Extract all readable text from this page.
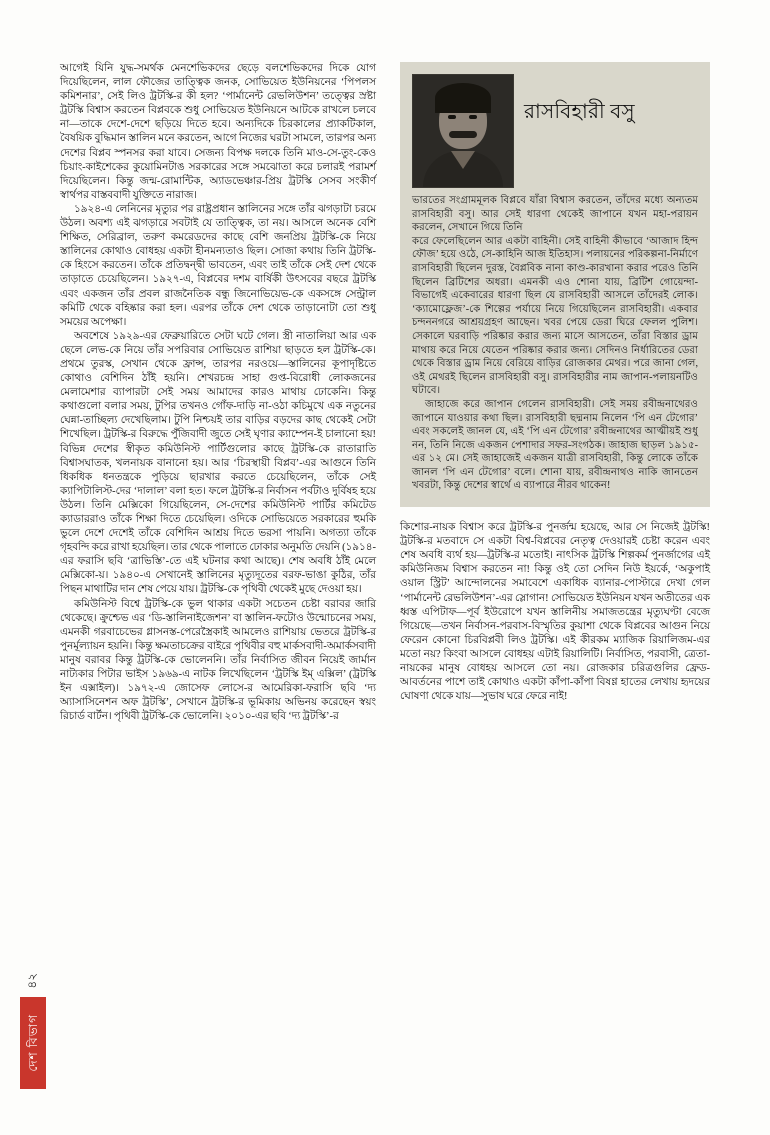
আগেই যিনি যুদ্ধ-সমর্থক মেনশেভিকদের ছেড়ে বলশেভিকদের দিকে যোগ দিয়েছিলেন, লাল ফৌজের তাত্ত্বিক জনক, সোভিয়েত ইউনিয়নের ‘পিপলস কমিশনার’, সেই লিও ট্রটস্কি-র কী হল? ‘পার্মানেন্ট রেভলিউশন’ তত্ত্বের স্রষ্টা ট্রটস্কি বিশ্বাস করতেন বিপ্লবকে শুধু সোভিয়েত ইউনিয়নে আটকে রাখলে চলবে না—তাকে দেশে-দেশে ছড়িয়ে দিতে হবে। অন্যদিকে চিরকালের প্র্যাকটিকাল, বৈষয়িক বুদ্ধিমান স্তালিন মনে করতেন, আগে নিজের ঘরটা সামলে, তারপর অন্য দেশের বিপ্লব স্পনসর করা যাবে। সেজন্য বিপক্ষ দলকে তিনি মাও-সে-তুং-কেও চিয়াং-কাইশেকের কুয়োমিনটাঙ সরকারের সঙ্গে সমঝোতা করে চলারই পরামর্শ দিয়েছিলেন। কিন্তু জন্ম-রোমান্টিক, অ্যাডভেঞ্চার-প্রিয় ট্রটস্কি সেসব সংকীর্ণ স্বার্থপর বাস্তববাদী যুক্তিতে নারাজ।

১৯২৪-এ লেনিনের মৃত্যুর পর রাষ্ট্রপ্রধান স্তালিনের সঙ্গে তাঁর ঝগড়াটা চরমে উঠল। অবশ্য এই ঝগড়ারে সবটাই যে তাত্ত্বিক, তা নয়। আসলে অনেক বেশি শিক্ষিত, সেরিব্রাল, তরুণ কমরেডদের কাছে বেশি জনপ্রিয় ট্রটস্কি-কে নিয়ে স্তালিনের কোথাও বোধহয় একটা হীনমন্যতাও ছিল। সোজা কথায় তিনি ট্রটস্কি-কে হিংসে করতেন। তাঁকে প্রতিদ্বন্দ্বী ভাবতেন, এবং তাই তাঁকে সেই দেশ থেকে তাড়াতে চেয়েছিলেন। ১৯২৭-এ, বিপ্লবের দশম বার্ষিকী উৎসবের বছরে ট্রটস্কি এবং একজন তাঁর প্রবল রাজনৈতিক বন্ধু জিনোভিয়েভ-কে একসঙ্গে সেন্ট্রাল কমিটি থেকে বহিষ্কার করা হল। এরপর তাঁকে দেশ থেকে তাড়ানোটা তো শুধু সময়ের অপেক্ষা।

অবশেষে ১৯২৯-এর ফেব্রুয়ারিতে সেটা ঘটে গেল। স্ত্রী নাতালিয়া আর এক ছেলে লেভ-কে নিয়ে তাঁর সপরিবার সোভিয়েত রাশিয়া ছাড়তে হল ট্রটস্কি-কে। প্রথমে তুরস্ক, সেখান থেকে ফ্রান্স, তারপর নরওয়ে—স্তালিনের কূপাদৃষ্টিতে কোথাও বেশিদিন ঠাঁই হয়নি। শেখরচন্দ্র সাহা গুপ্ত-বিরোধী লোকজনের মেলামেশার ব্যাপারটা সেই সময় আমাদের কারও মাথায় ঢোকেনি। কিন্তু কথাগুলো বলার সময়, টুপির তখনও গোঁফ-দাড়ি না-ওঠা কচিমুখে এক নতুনের ঘেন্না-তাচ্ছিল্য দেখেছিলাম। টুপি নিশ্চয়ই তার বাড়ির বড়দের কাছ থেকেই সেটা শিখেছিল। ট্রটস্কি-র বিরুদ্ধে পুঁজিবাদী জুতে সেই ঘৃণার ক্যাম্পেন-ই চালানো হয়! বিভিন্ন দেশের স্বীকৃত কমিউনিস্ট পার্টিগুলোর কাছে ট্রটস্কি-কে রাতারাতি বিশ্বাসঘাতক, খলনায়ক বানানো হয়। আর ‘চিরস্থায়ী বিপ্লব’-এর আগুনে তিনি ধিকধিক ধনতন্ত্রকে পুড়িয়ে ছারখার করতে চেয়েছিলেন, তাঁকে সেই ক্যাপিটালিস্ট-দের ‘দালাল’ বলা হত। ফলে ট্রটস্কি-র নির্বাসন পর্বটাও দুর্বিষহ হয়ে উঠল। তিনি মেক্সিকো গিয়েছিলেন, সে-দেশের কমিউনিস্ট পার্টির কমিটেড ক্যাডাররাও তাঁকে শিক্ষা দিতে চেয়েছিল। ওদিকে সোভিয়েতে সরকারের হুমকি ভুলে দেশে দেশেই তাঁকে বেশিদিন আশ্রয় দিতে ভরসা পায়নি। অগত্যা তাঁকে গৃহবন্দি করে রাখা হয়েছিল। তার থেকে পালাতে ঢোকার অনুমতি দেয়নি (১৯১৪-এর ফরাসি ছবি ‘ত্রাভিস্তি’-তে এই ঘটনার কথা আছে)। শেষ অবধি ঠাঁই মেলে মেক্সিকো-য়। ১৯৪০-এ সেখানেই স্তালিনের মৃত্যুদূতের বরফ-ভাঙা কুঠির, তাঁর পিছন মাথাটির দান শেষ পেয়ে যায়। ট্রটস্কি-কে পৃথিবী থেকেই মুছে দেওয়া হয়।

কমিউনিস্ট বিশ্বে ট্রটস্কি-কে ভুল থাকার একটা সচেতন চেষ্টা বরাবর জারি থেকেছে। ক্রুশ্চেভ এর ‘ডি-স্তালিনাইজেশন’ বা স্তালিন-ফটোও উন্মোচনের সময়, এমনকী গরবাচেভের গ্লাসনস্ত-পেরেস্ত্রৈকাই আমলেও রাশিয়ায় ভেতরে ট্রটস্কি-র পুনর্মূল্যায়ন হয়নি। কিন্তু ক্ষমতাচক্রের বাইরে পৃথিবীর বহু মার্কসবাদী-অমার্কসবাদী মানুষ বরাবর কিন্তু ট্রটস্কি-কে ভোলেননি। তাঁর নির্বাসিত জীবন নিয়েই জার্মান নাট্যকার পিটার ভাইস ১৯৬৯-এ নাটক লিখেছিলেন ‘ট্রটস্কি ইম্‌ এক্সিল’ (ট্রটস্কি ইন এক্সাইল)। ১৯৭২-এ জোসেফ লোসে-র আমেরিকা-ফরাসি ছবি ‘দ্য অ্যাসাসিনেশন অফ ট্রটস্কি’, সেখানে ট্রটস্কি-র ভূমিকায় অভিনয় করেছেন স্বয়ং রিচার্ড বার্টন। পৃথিবী ট্রটস্কি-কে ভোলেনি। ২০১০-এর ছবি ‘দ্য ট্রটস্কি’-র

রাসবিহারী বসু

ভারতের সংগ্রামমূলক বিপ্লবে যাঁরা বিশ্বাস করতেন, তাঁদের মধ্যে অন্যতম রাসবিহারী বসু। আর সেই ধারণা থেকেই জাপানে যখন মহা-পরায়ন করলেন, সেখানে গিয়ে তিনি

করে ফেলেছিলেন আর একটা বাহিনী। সেই বাহিনী কীভাবে ‘আজাদ হিন্দ ফৌজ’ হয়ে ওঠে, সে-কাহিনি আজ ইতিহাস। পলায়নের পরিকল্পনা-নির্মাণে রাসবিহারী ছিলেন দুরস্ত, বৈপ্লবিক নানা কাণ্ড-কারখানা করার পরেও তিনি ছিলেন ব্রিটিশের অধরা। এমনকী এও শোনা যায়, ব্রিটিশ গোয়েন্দা-বিভাগেই একেবারের ধারণা ছিল যে রাসবিহারী আসলে তাঁদেরই লোক। ‘ক্যামোফ্লেজ’-কে শিল্পের পর্যায়ে নিয়ে গিয়েছিলেন রাসবিহারী। একবার চন্দননগরে আশ্রয়গ্রহণ আছেন। খবর পেয়ে ডেরা ঘিরে ফেলল পুলিশ। সেকালে ঘরবাড়ি পরিষ্কার করার জন্য মাসে আসতেন, তাঁরা বিস্তার ড্রাম মাথায় করে নিয়ে যেতেন পরিষ্কার করার জন্য। সেদিনও নির্ধারিতের ডেরা থেকে বিস্তার ড্রাম নিয়ে বেরিয়ে বাড়ির রোজকার মেথর। পরে জানা গেল, ওই মেথরই ছিলেন রাসবিহারী বসু। রাসবিহারীর নাম জাপান-পলায়নটিও ঘটাবে।

জাহাজে করে জাপান গেলেন রাসবিহারী। সেই সময় রবীন্দ্রনাথেরও জাপানে যাওয়ার কথা ছিল। রাসবিহারী ছদ্মনাম নিলেন ‘পি এন টেগোর’ এবং সকলেই জানল যে, এই ‘পি এন টেগোর’ রবীন্দ্রনাথের আত্মীয়ই শুধু নন, তিনি নিজে একজন পেশাদার সফর-সংগঠক। জাহাজ ছাড়ল ১৯১৫-এর ১২ মে। সেই জাহাজেই একজন যাত্রী রাসবিহারী, কিন্তু লোকে তাঁকে জানল ‘পি এন টেগোর’ বলে। শোনা যায়, রবীন্দ্রনাথও নাকি জানতেন খবরটা, কিন্তু দেশের স্বার্থে এ ব্যাপারে নীরব থাকেন!

কিশোর-নায়ক বিশ্বাস করে ট্রটস্কি-র পুনর্জন্ম হয়েছে, আর সে নিজেই ট্রটস্কি! ট্রটস্কি-র মতবাদে সে একটা বিশ্ব-বিপ্লবের নেতৃত্ব দেওয়ারই চেষ্টা করেন এবং শেষ অবধি ব্যর্থ হয়—ট্রটস্কি-র মতোই। নাৎসিক ট্রটস্কি শিল্পকর্ম পুনর্জাগের এই কমিউনিজম বিশ্বাস করতেন না! কিন্তু ওই তো সেদিন নিউ ইয়র্কে, ‘অকুপাই ওয়াল স্ট্রিট’ আন্দোলনের সমাবেশে একাধিক ব্যানার-পোস্টারে দেখা গেল ‘পার্মানেন্ট রেভলিউশন’-এর স্লোগান! সোভিয়েত ইউনিয়ন যখন অতীতের এক ধ্বস্ত এপিটাফ—পূর্ব ইউরোপে যখন স্তালিনীয় সমাজতন্ত্রের মৃত্যুঘণ্টা বেজে গিয়েছে—তখন নির্বাসন-পরবাস-বিস্মৃতির কুয়াশা থেকে বিপ্লবের আগুন নিয়ে ফেরেন কোনো চিরবিপ্লবী লিও ট্রটস্কি। এই কীরকম ম্যাজিক রিয়ালিজম-এর মতো নয়? কিংবা আসলে বোধহয় এটাই রিয়ালিটি। নির্বাসিত, পরবাসী, ত্রেতা-নায়কের মানুষ বোধহয় আসলে তো নয়। রোজকার চরিত্রগুলির ফ্রেড-আবর্তনের পাশে তাই কোথাও একটা কাঁপা-কাঁপা বিষণ্ণ হাতের লেখায় হৃদয়ের ঘোষণা থেকে যায়—সুভাষ ঘরে ফেরে নাই!

৪২
দেশ বিভাগ
